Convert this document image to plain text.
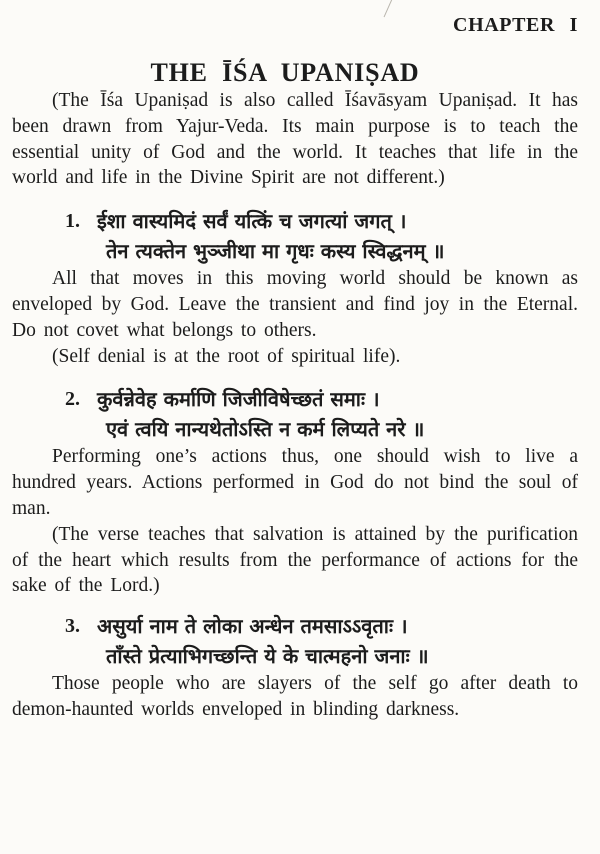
CHAPTER I
THE ĪŚA UPANIṢAD

(The Īśa Upaniṣad is also called Īśavāsyam Upaniṣad. It has been drawn from Yajur-Veda. Its main purpose is to teach the essential unity of God and the world. It teaches that life in the world and life in the Divine Spirit are not different.)

1. ईशा वास्यमिदं सर्वं यत्किं च जगत्यां जगत् ।
तेन त्यक्तेन भुञ्जीथा मा गृधः कस्य स्विद्धनम् ॥

All that moves in this moving world should be known as enveloped by God. Leave the transient and find joy in the Eternal. Do not covet what belongs to others.

(Self denial is at the root of spiritual life).

2. कुर्वन्नेवेह कर्माणि जिजीविषेच्छतं समाः ।
एवं त्वयि नान्यथेतोऽस्ति न कर्म लिप्यते नरे ॥

Performing one’s actions thus, one should wish to live a hundred years. Actions performed in God do not bind the soul of man.

(The verse teaches that salvation is attained by the purification of the heart which results from the performance of actions for the sake of the Lord.)

3. असुर्या नाम ते लोका अन्धेन तमसाऽऽवृताः ।
ताँस्ते प्रेत्याभिगच्छन्ति ये के चात्महनो जनाः ॥

Those people who are slayers of the self go after death to demon-haunted worlds enveloped in blinding darkness.
